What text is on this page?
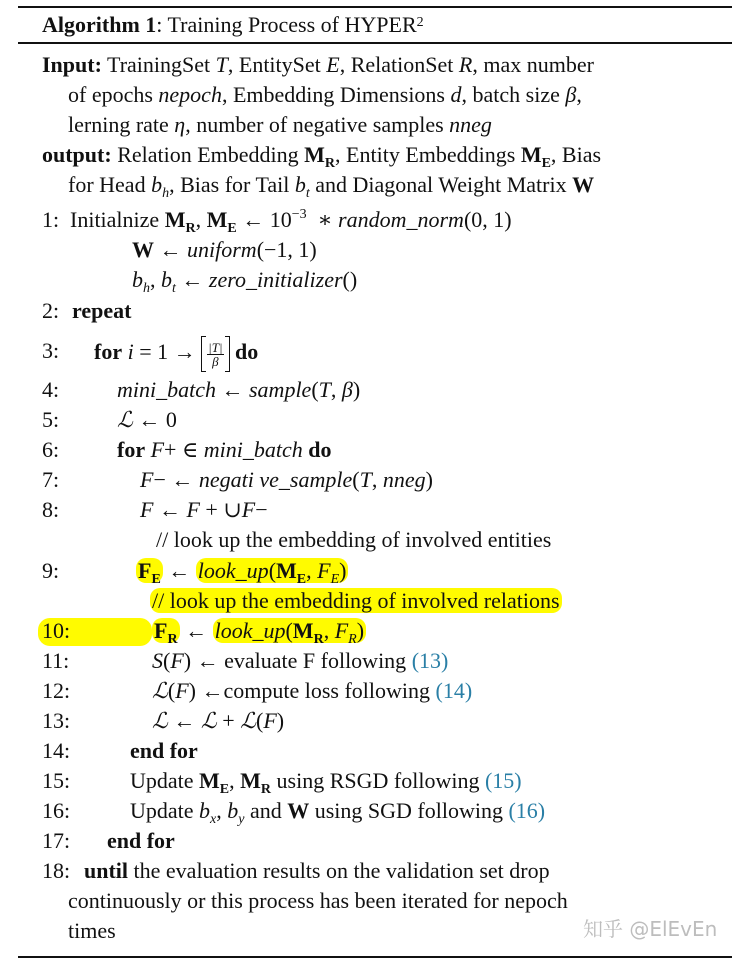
Algorithm 1: Training Process of HYPER$^2$
Input: TrainingSet T, EntitySet E, RelationSet R, max number
of epochs nepoch, Embedding Dimensions d, batch size β,
lerning rate η, number of negative samples nneg
output: Relation Embedding $M_R$, Entity Embeddings $M_E$, Bias
for Head $b_h$, Bias for Tail $b_t$ and Diagonal Weight Matrix W
1: Initialnize $M_R$, $M_E$ ← $10^{-3}$  ∗ random_norm(0, 1)
W ← uniform(−1, 1)
$b_h$, $b_t$ ← zero_initializer()
2: repeat
3: for $i = 1 \to \frac{|T|}{\beta}$ do
4:	mini_batch ← sample(T, β)
5:	ℒ ← 0
6:	for F+ ∈ mini_batch do
7:	F− ← negati ve_sample(T, nneg)
8:	F ← F + ∪F−
// look up the embedding of involved entities
9:	$F_E$ ← $look\_up(M_E$, $F_E$)
// look up the embedding of involved relations
10:	$F_R$ ← $look\_up(M_R$, $F_R$)
11:	S(F) ← evaluate F following (13)
12:	ℒ(F) ←compute loss following (14)
13:	ℒ ← ℒ + ℒ(F)
14:	end for
15:	Update $M_E$, $M_R$ using RSGD following (15)
16:	Update $b_x$, $b_y$ and W using SGD following (16)
17: end for
18: until the evaluation results on the validation set drop
continuously or this process has been iterated for nepoch
times	知乎 @ElEvEn
